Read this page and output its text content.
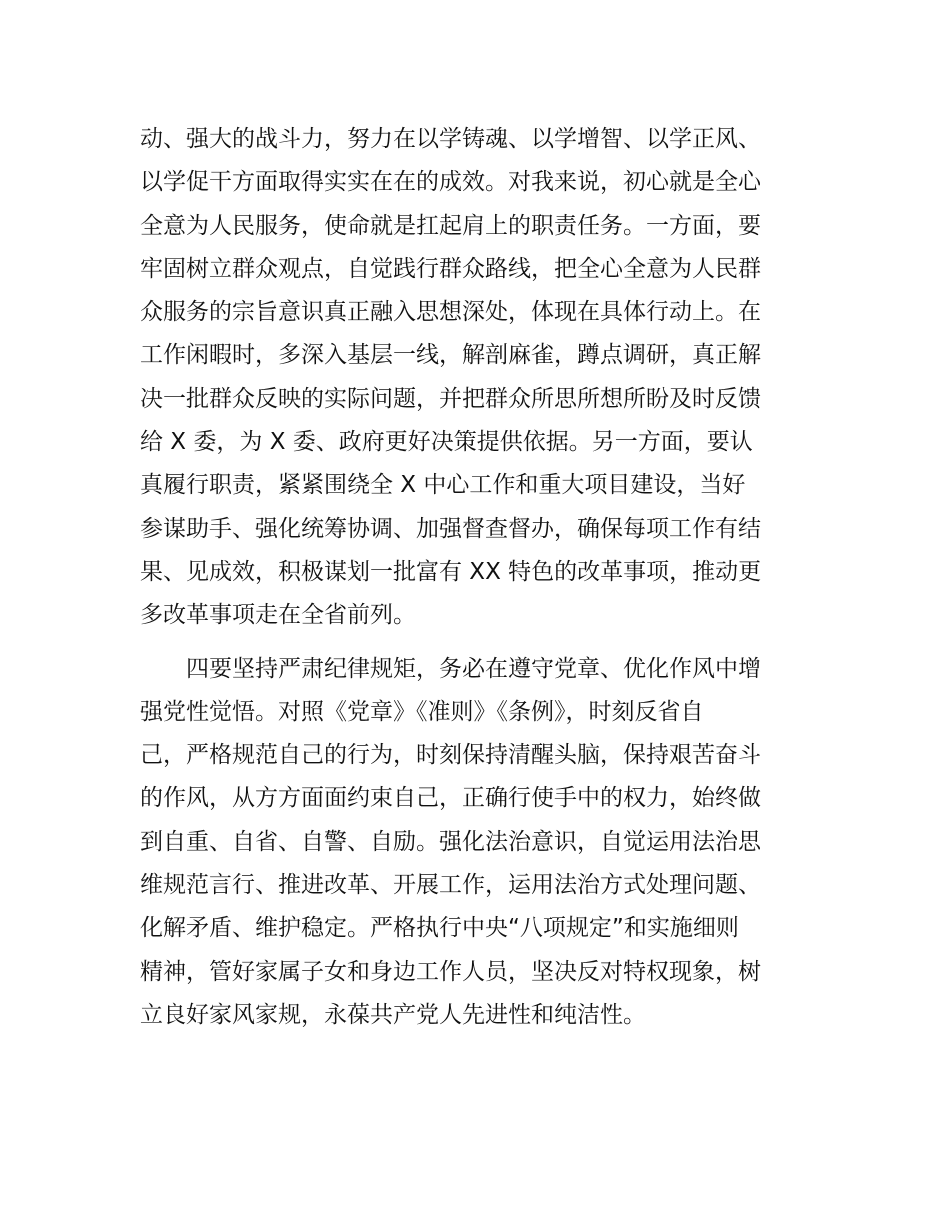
动、强大的战斗力，努力在以学铸魂、以学增智、以学正风、
以学促干方面取得实实在在的成效。对我来说，初心就是全心
全意为人民服务，使命就是扛起肩上的职责任务。一方面，要
牢固树立群众观点，自觉践行群众路线，把全心全意为人民群
众服务的宗旨意识真正融入思想深处，体现在具体行动上。在
工作闲暇时，多深入基层一线，解剖麻雀，蹲点调研，真正解
决一批群众反映的实际问题，并把群众所思所想所盼及时反馈
给 X 委，为 X 委、政府更好决策提供依据。另一方面，要认
真履行职责，紧紧围绕全 X 中心工作和重大项目建设，当好
参谋助手、强化统筹协调、加强督查督办，确保每项工作有结
果、见成效，积极谋划一批富有 XX 特色的改革事项，推动更
多改革事项走在全省前列。
四要坚持严肃纪律规矩，务必在遵守党章、优化作风中增
强党性觉悟。对照《党章》《准则》《条例》，时刻反省自
己，严格规范自己的行为，时刻保持清醒头脑，保持艰苦奋斗
的作风，从方方面面约束自己，正确行使手中的权力，始终做
到自重、自省、自警、自励。强化法治意识，自觉运用法治思
维规范言行、推进改革、开展工作，运用法治方式处理问题、
化解矛盾、维护稳定。严格执行中央“八项规定”和实施细则
精神，管好家属子女和身边工作人员，坚决反对特权现象，树
立良好家风家规，永葆共产党人先进性和纯洁性。
